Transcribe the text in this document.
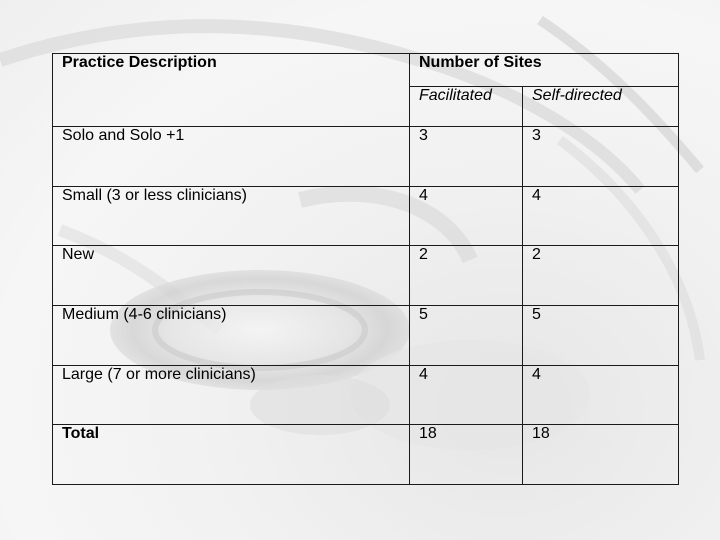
Practice Description	Number of Sites	
	Facilitated	Self-directed
Solo and Solo +1	3	3
Small (3 or less clinicians)	4	4
New	2	2
Medium (4-6 clinicians)	5	5
Large (7 or more clinicians)	4	4
Total	18	18
